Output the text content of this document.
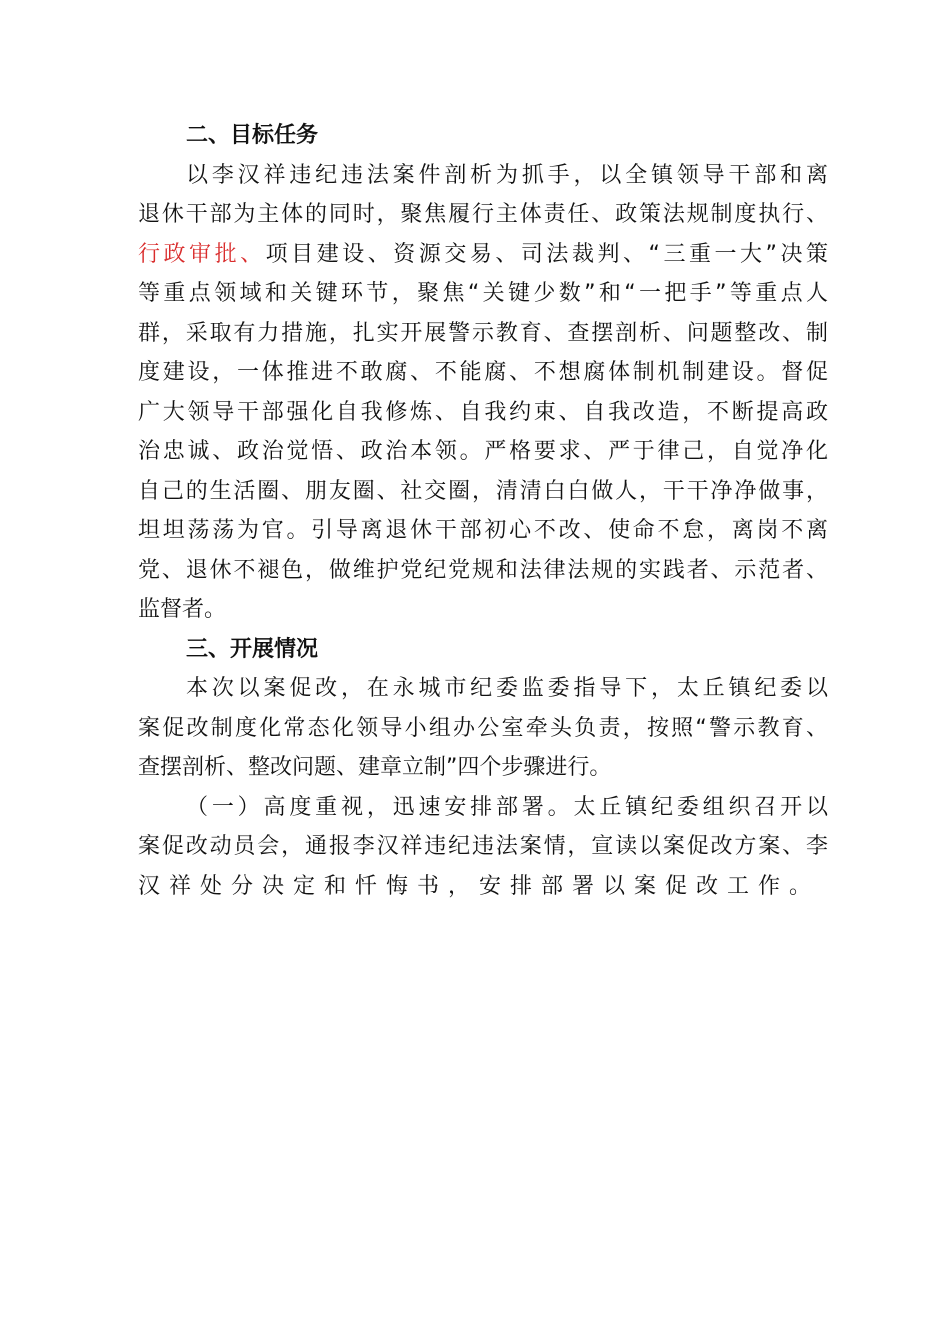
二、目标任务
以李汉祥违纪违法案件剖析为抓手，以全镇领导干部和离
退休干部为主体的同时，聚焦履行主体责任、政策法规制度执行、
行政审批、项目建设、资源交易、司法裁判、“三重一大”决策
等重点领域和关键环节，聚焦“关键少数”和“一把手”等重点人
群，采取有力措施，扎实开展警示教育、查摆剖析、问题整改、制
度建设，一体推进不敢腐、不能腐、不想腐体制机制建设。督促
广大领导干部强化自我修炼、自我约束、自我改造，不断提高政
治忠诚、政治觉悟、政治本领。严格要求、严于律己，自觉净化
自己的生活圈、朋友圈、社交圈，清清白白做人，干干净净做事，
坦坦荡荡为官。引导离退休干部初心不改、使命不怠，离岗不离
党、退休不褪色，做维护党纪党规和法律法规的实践者、示范者、
监督者。
三、开展情况
本次以案促改，在永城市纪委监委指导下，太丘镇纪委以
案促改制度化常态化领导小组办公室牵头负责，按照“警示教育、
查摆剖析、整改问题、建章立制”四个步骤进行。
（一）高度重视，迅速安排部署。太丘镇纪委组织召开以
案促改动员会，通报李汉祥违纪违法案情，宣读以案促改方案、李
汉祥处分决定和忏悔书，安排部署以案促改工作。
